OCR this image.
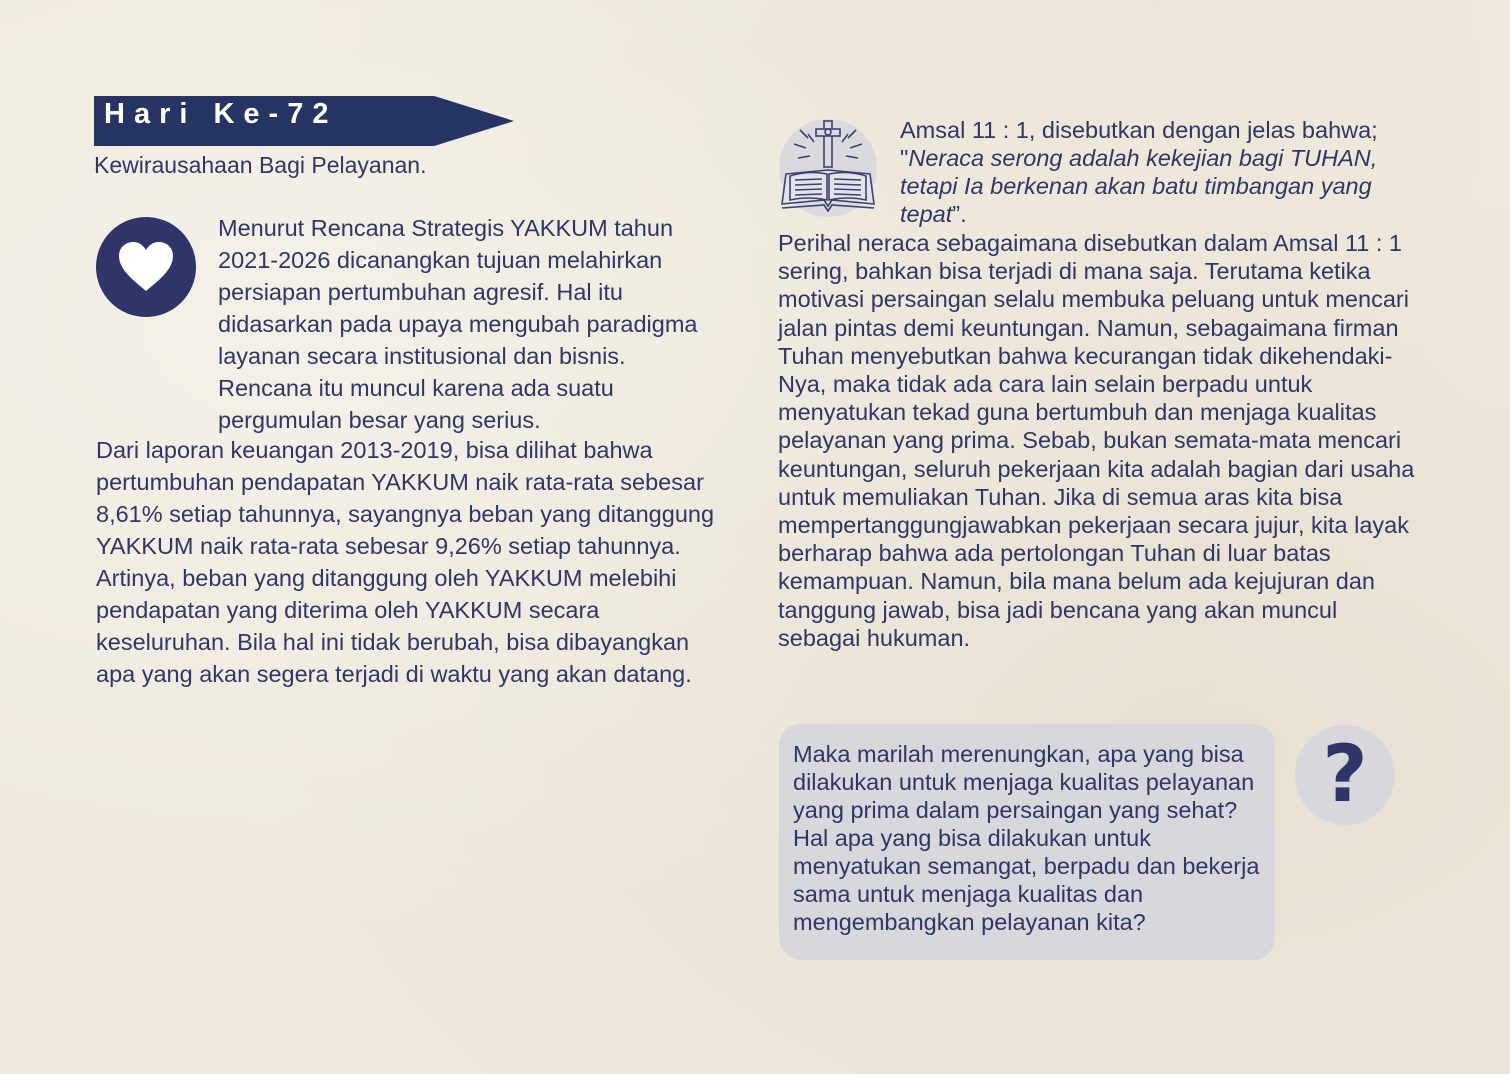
Hari Ke-72
Kewirausahaan Bagi Pelayanan.

Menurut Rencana Strategis YAKKUM tahun 2021-2026 dicanangkan tujuan melahirkan persiapan pertumbuhan agresif. Hal itu didasarkan pada upaya mengubah paradigma layanan secara institusional dan bisnis. Rencana itu muncul karena ada suatu pergumulan besar yang serius.

Dari laporan keuangan 2013-2019, bisa dilihat bahwa pertumbuhan pendapatan YAKKUM naik rata-rata sebesar 8,61% setiap tahunnya, sayangnya beban yang ditanggung YAKKUM naik rata-rata sebesar 9,26% setiap tahunnya. Artinya, beban yang ditanggung oleh YAKKUM melebihi pendapatan yang diterima oleh YAKKUM secara keseluruhan. Bila hal ini tidak berubah, bisa dibayangkan apa yang akan segera terjadi di waktu yang akan datang.

Amsal 11 : 1, disebutkan dengan jelas bahwa; "Neraca serong adalah kekejian bagi TUHAN, tetapi Ia berkenan akan batu timbangan yang tepat”.

Perihal neraca sebagaimana disebutkan dalam Amsal 11 : 1 sering, bahkan bisa terjadi di mana saja. Terutama ketika motivasi persaingan selalu membuka peluang untuk mencari jalan pintas demi keuntungan. Namun, sebagaimana firman Tuhan menyebutkan bahwa kecurangan tidak dikehendaki-Nya, maka tidak ada cara lain selain berpadu untuk menyatukan tekad guna bertumbuh dan menjaga kualitas pelayanan yang prima. Sebab, bukan semata-mata mencari keuntungan, seluruh pekerjaan kita adalah bagian dari usaha untuk memuliakan Tuhan. Jika di semua aras kita bisa mempertanggungjawabkan pekerjaan secara jujur, kita layak berharap bahwa ada pertolongan Tuhan di luar batas kemampuan. Namun, bila mana belum ada kejujuran dan tanggung jawab, bisa jadi bencana yang akan muncul sebagai hukuman.

Maka marilah merenungkan, apa yang bisa dilakukan untuk menjaga kualitas pelayanan yang prima dalam persaingan yang sehat? Hal apa yang bisa dilakukan untuk menyatukan semangat, berpadu dan bekerja sama untuk menjaga kualitas dan mengembangkan pelayanan kita?

?
